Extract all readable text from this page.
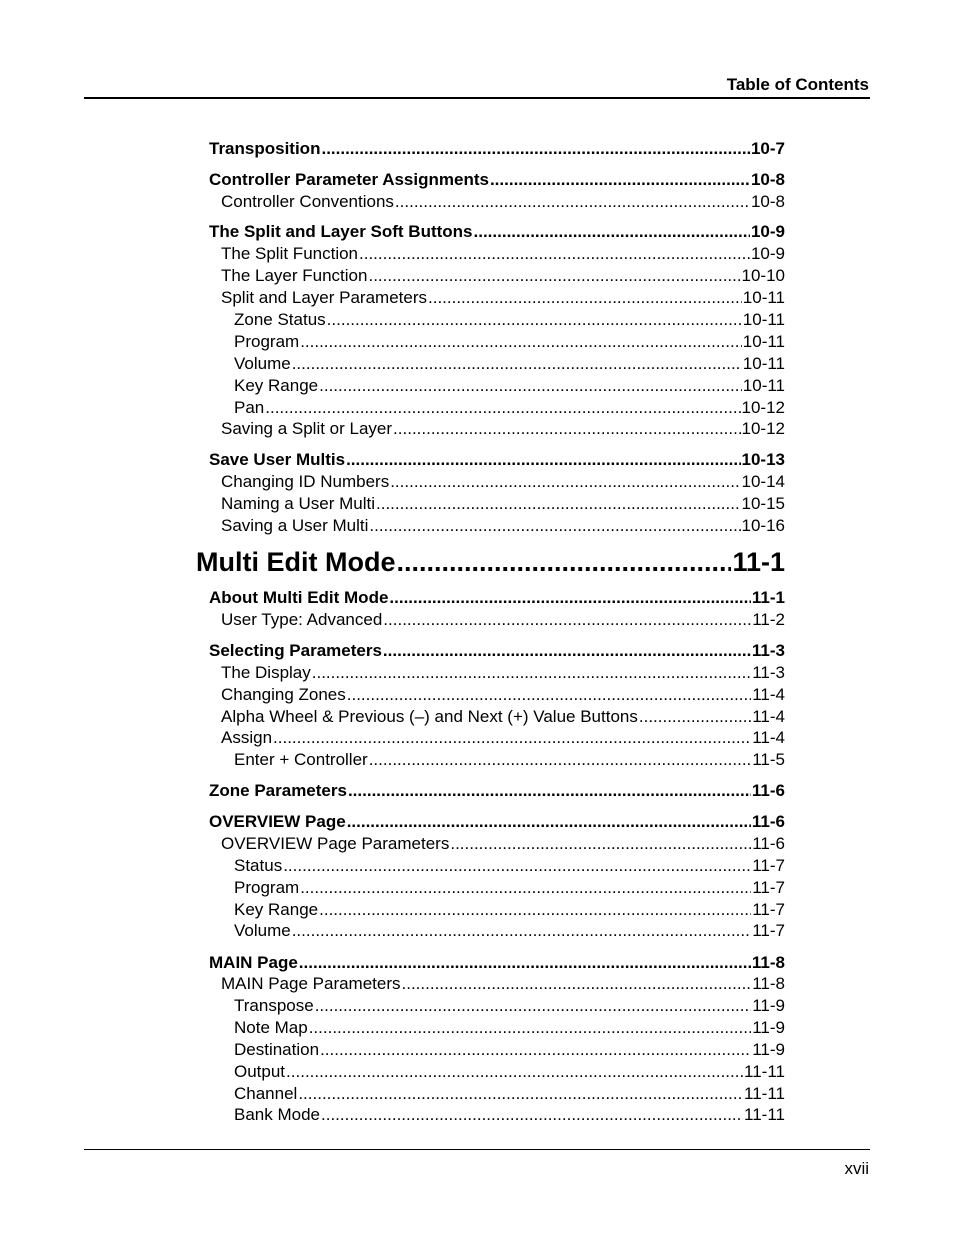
Table of Contents
Transposition .....	10-7
Controller Parameter Assignments .....	10-8
Controller Conventions .....	10-8
The Split and Layer Soft Buttons .....	10-9
The Split Function .....	10-9
The Layer Function .....	10-10
Split and Layer Parameters .....	10-11
Zone Status .....	10-11
Program .....	10-11
Volume .....	10-11
Key Range .....	10-11
Pan .....	10-12
Saving a Split or Layer .....	10-12
Save User Multis .....	10-13
Changing ID Numbers .....	10-14
Naming a User Multi .....	10-15
Saving a User Multi .....	10-16
Multi Edit Mode .....	11-1
About Multi Edit Mode .....	11-1
User Type: Advanced .....	11-2
Selecting Parameters .....	11-3
The Display .....	11-3
Changing Zones .....	11-4
Alpha Wheel & Previous (–) and Next (+) Value Buttons .....	11-4
Assign .....	11-4
Enter + Controller .....	11-5
Zone Parameters .....	11-6
OVERVIEW Page .....	11-6
OVERVIEW Page Parameters .....	11-6
Status .....	11-7
Program .....	11-7
Key Range .....	11-7
Volume .....	11-7
MAIN Page .....	11-8
MAIN Page Parameters .....	11-8
Transpose .....	11-9
Note Map .....	11-9
Destination .....	11-9
Output .....	11-11
Channel .....	11-11
Bank Mode .....	11-11
xvii
